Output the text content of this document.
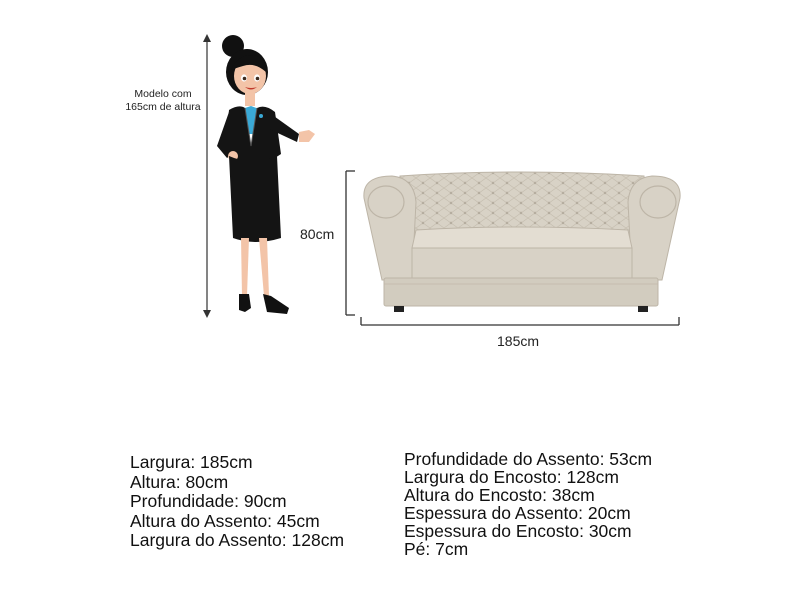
Modelo com
165cm de altura
80cm
185cm
Largura: 185cm
Altura: 80cm
Profundidade: 90cm
Altura do Assento: 45cm
Largura do Assento: 128cm
Profundidade do Assento: 53cm
Largura do Encosto: 128cm
Altura do Encosto: 38cm
Espessura do Assento: 20cm
Espessura do Encosto: 30cm
Pé: 7cm
